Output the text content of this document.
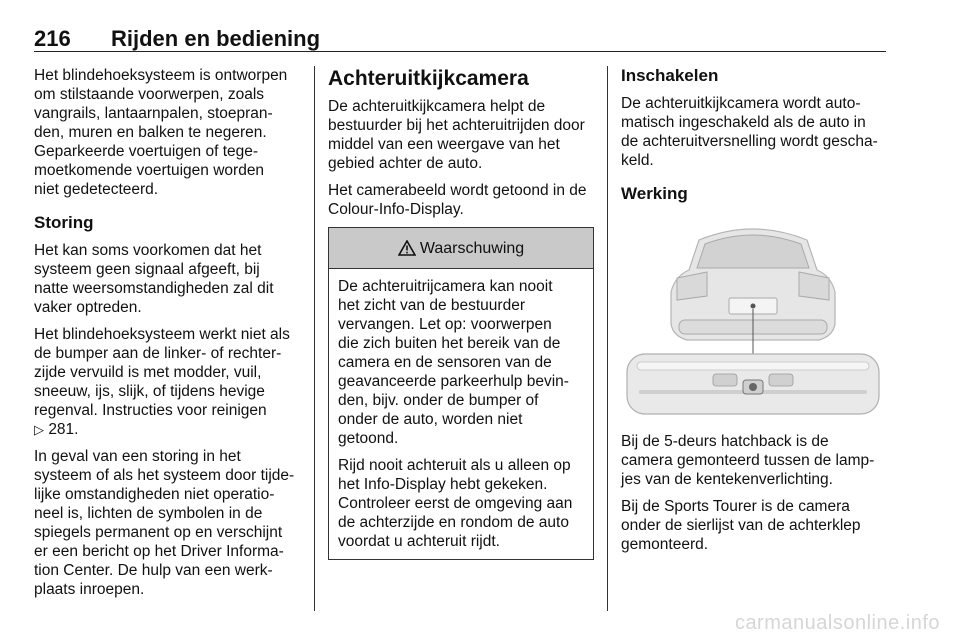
216 Rijden en bediening

Het blindehoeksysteem is ontworpen
om stilstaande voorwerpen, zoals
vangrails, lantaarnpalen, stoepran-
den, muren en balken te negeren.
Geparkeerde voertuigen of tege-
moetkomende voertuigen worden
niet gedetecteerd.

Storing

Het kan soms voorkomen dat het
systeem geen signaal afgeeft, bij
natte weersomstandigheden zal dit
vaker optreden.

Het blindehoeksysteem werkt niet als
de bumper aan de linker- of rechter-
zijde vervuild is met modder, vuil,
sneeuw, ijs, slijk, of tijdens hevige
regenval. Instructies voor reinigen
▷ 281.

In geval van een storing in het
systeem of als het systeem door tijde-
lijke omstandigheden niet operatio-
neel is, lichten de symbolen in de
spiegels permanent op en verschijnt
er een bericht op het Driver Informa-
tion Center. De hulp van een werk-
plaats inroepen.

Achteruitkijkcamera

De achteruitkijkcamera helpt de
bestuurder bij het achteruitrijden door
middel van een weergave van het
gebied achter de auto.

Het camerabeeld wordt getoond in de
Colour-Info-Display.

Waarschuwing

De achteruitrijcamera kan nooit
het zicht van de bestuurder
vervangen. Let op: voorwerpen
die zich buiten het bereik van de
camera en de sensoren van de
geavanceerde parkeerhulp bevin-
den, bijv. onder de bumper of
onder de auto, worden niet
getoond.

Rijd nooit achteruit als u alleen op
het Info-Display hebt gekeken.
Controleer eerst de omgeving aan
de achterzijde en rondom de auto
voordat u achteruit rijdt.

Inschakelen

De achteruitkijkcamera wordt auto-
matisch ingeschakeld als de auto in
de achteruitversnelling wordt gescha-
keld.

Werking

Bij de 5-deurs hatchback is de
camera gemonteerd tussen de lamp-
jes van de kentekenverlichting.

Bij de Sports Tourer is de camera
onder de sierlijst van de achterklep
gemonteerd.

carmanualsonline.info
